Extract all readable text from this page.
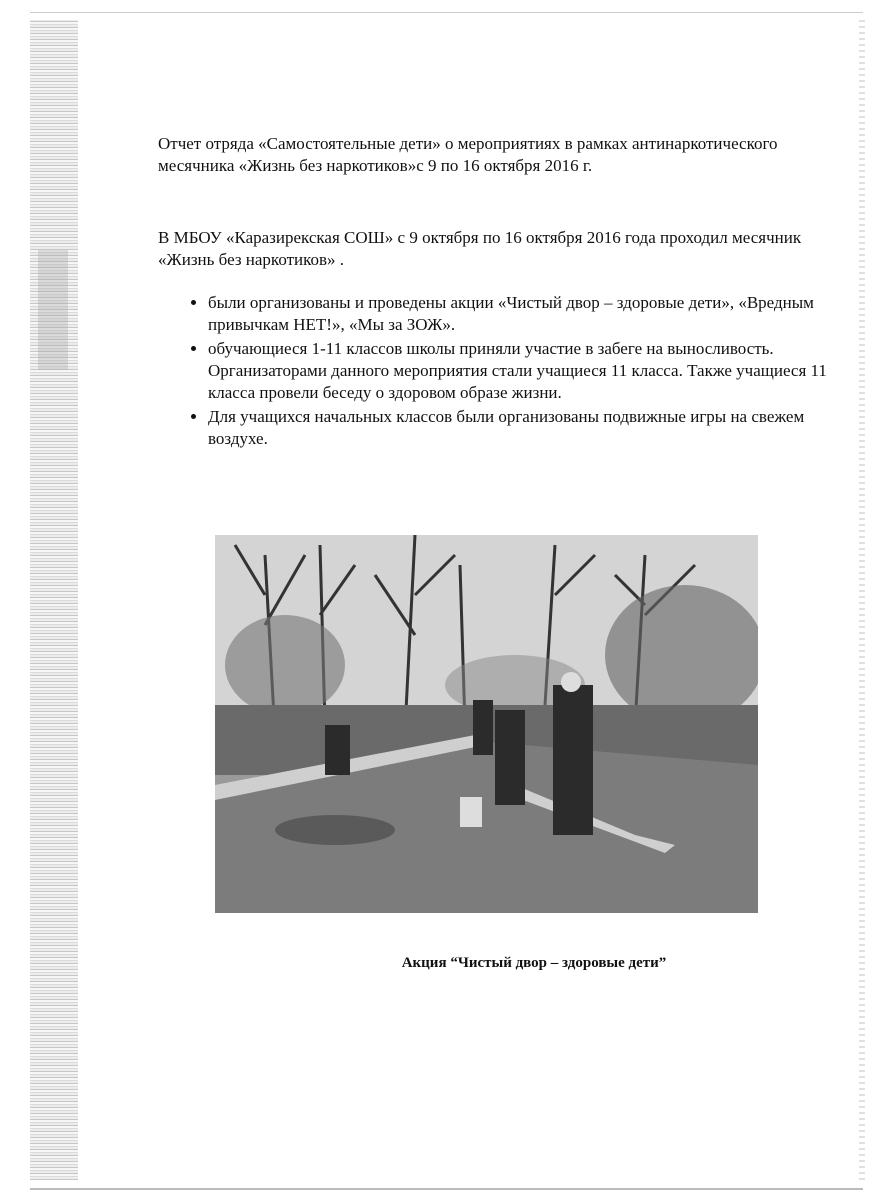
Отчет отряда «Самостоятельные дети» о мероприятиях в рамках антинаркотического месячника «Жизнь без наркотиков»с 9 по 16 октября 2016 г.
В МБОУ «Каразирекская СОШ» с 9 октября по 16 октября 2016 года проходил месячник «Жизнь без наркотиков» .
• были организованы и проведены акции «Чистый двор – здоровые дети», «Вредным привычкам НЕТ!», «Мы за ЗОЖ».
• обучающиеся 1-11 классов школы приняли участие в забеге на выносливость. Организаторами данного мероприятия стали учащиеся 11 класса. Также учащиеся 11 класса провели беседу о здоровом образе жизни.
• Для учащихся начальных классов были организованы подвижные игры на свежем воздухе.
Акция “Чистый двор – здоровые дети”
